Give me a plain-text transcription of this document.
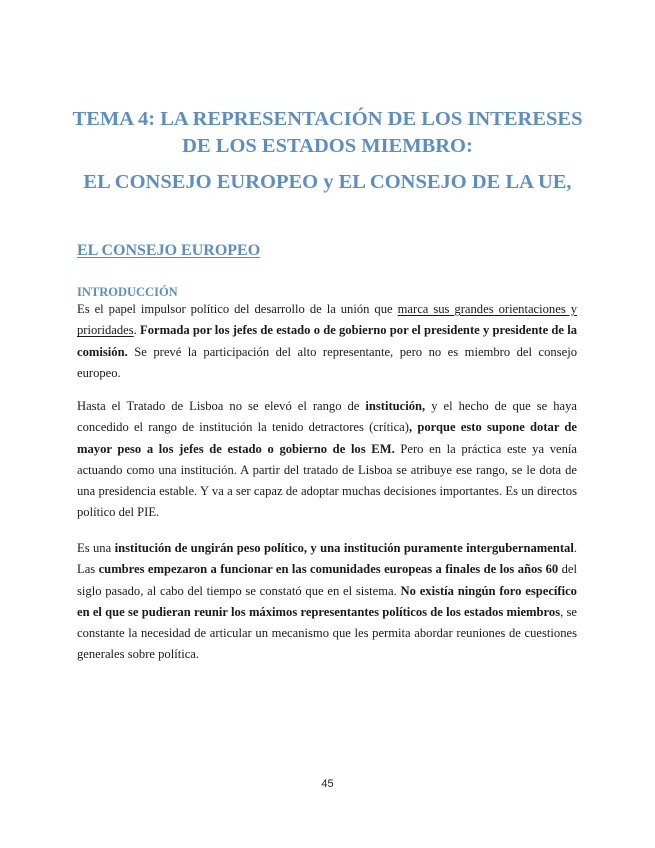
TEMA 4: LA REPRESENTACIÓN DE LOS INTERESES
DE LOS ESTADOS MIEMBRO:
EL CONSEJO EUROPEO y EL CONSEJO DE LA UE,
EL CONSEJO EUROPEO
INTRODUCCIÓN

Es el papel impulsor político del desarrollo de la unión que marca sus grandes orientaciones y prioridades. Formada por los jefes de estado o de gobierno por el presidente y presidente de la comisión. Se prevé la participación del alto representante, pero no es miembro del consejo europeo.

Hasta el Tratado de Lisboa no se elevó el rango de institución, y el hecho de que se haya concedido el rango de institución la tenido detractores (crítica), porque esto supone dotar de mayor peso a los jefes de estado o gobierno de los EM. Pero en la práctica este ya venía actuando como una institución. A partir del tratado de Lisboa se atribuye ese rango, se le dota de una presidencia estable. Y va a ser capaz de adoptar muchas decisiones importantes. Es un directos político del PIE.

Es una institución de ungirán peso político, y una institución puramente intergubernamental. Las cumbres empezaron a funcionar en las comunidades europeas a finales de los años 60 del siglo pasado, al cabo del tiempo se constató que en el sistema. No existía ningún foro específico en el que se pudieran reunir los máximos representantes políticos de los estados miembros, se constante la necesidad de articular un mecanismo que les permita abordar reuniones de cuestiones generales sobre política.

45
